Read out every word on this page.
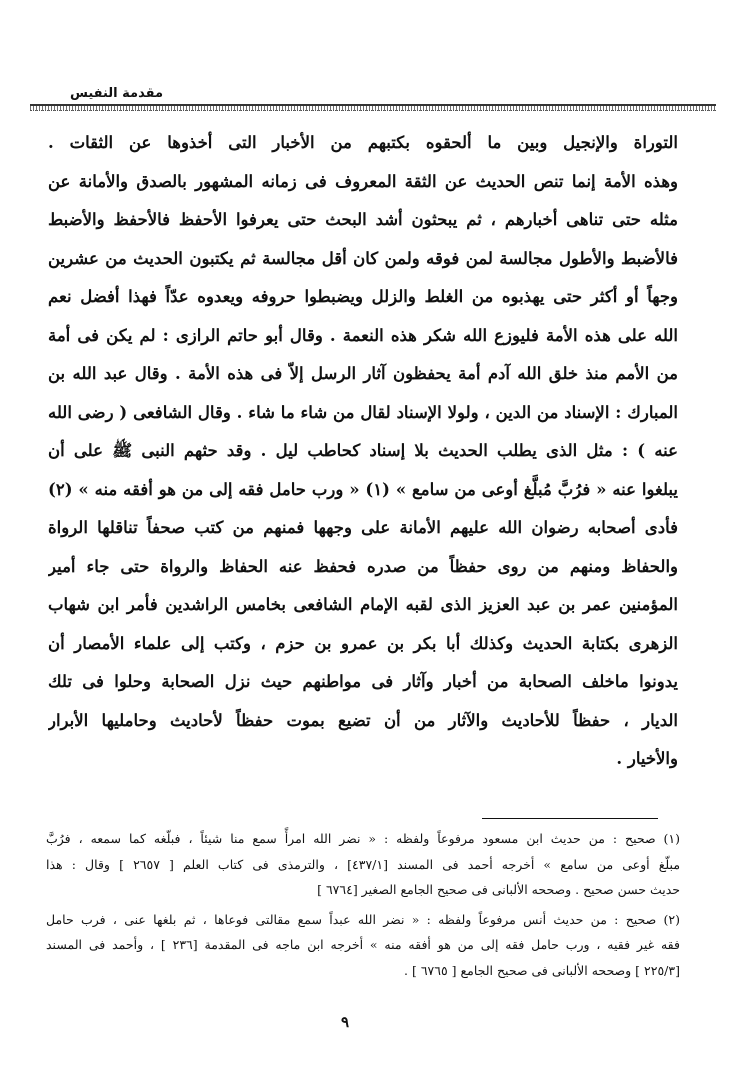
مقدمة النفيس
التوراة والإنجيل وبين ما ألحقوه بكتبهم من الأخبار التى أخذوها عن الثقات .
وهذه الأمة إنما تنص الحديث عن الثقة المعروف فى زمانه المشهور بالصدق والأمانة عن
مثله حتى تناهى أخبارهم ، ثم يبحثون أشد البحث حتى يعرفوا الأحفظ فالأحفظ والأضبط
فالأضبط والأطول مجالسة لمن فوقه ولمن كان أقل مجالسة ثم يكتبون الحديث من عشرين
وجهاً أو أكثر حتى يهذبوه من الغلط والزلل ويضبطوا حروفه ويعدوه عدّاً فهذا أفضل نعم
الله على هذه الأمة فليوزع الله شكر هذه النعمة . وقال أبو حاتم الرازى : لم يكن فى أمة
من الأمم منذ خلق الله آدم أمة يحفظون آثار الرسل إلاّ فى هذه الأمة . وقال عبد الله بن
المبارك : الإسناد من الدين ، ولولا الإسناد لقال من شاء ما شاء . وقال الشافعى ( رضى الله
عنه ) : مثل الذى يطلب الحديث بلا إسناد كحاطب ليل . وقد حثهم النبى ﷺ على أن
يبلغوا عنه « فرُبَّ مُبلَّغ أوعى من سامع » (١) « ورب حامل فقه إلى من هو أفقه منه » (٢)
فأدى أصحابه رضوان الله عليهم الأمانة على وجهها فمنهم من كتب صحفاً تناقلها الرواة
والحفاظ ومنهم من روى حفظاً من صدره فحفظ عنه الحفاظ والرواة حتى جاء أمير
المؤمنين عمر بن عبد العزيز الذى لقبه الإمام الشافعى بخامس الراشدين فأمر ابن شهاب
الزهرى بكتابة الحديث وكذلك أبا بكر بن عمرو بن حزم ، وكتب إلى علماء الأمصار أن
يدونوا ماخلف الصحابة من أخبار وآثار فى مواطنهم حيث نزل الصحابة وحلوا فى تلك
الديار ، حفظاً للأحاديث والآثار من أن تضيع بموت حفظاً لأحاديث وحامليها الأبرار
والأخيار .
(١) صحيح : من حديث ابن مسعود مرفوعاً ولفظه : « نضر الله امرأً سمع منا شيئاً ، فبلّغه كما سمعه ، فرُبَّ
مبلّغ أوعى من سامع » أخرجه أحمد فى المسند [٤٣٧/١] ، والترمذى فى كتاب العلم [ ٢٦٥٧ ] وقال : هذا
حديث حسن صحيح . وصححه الألبانى فى صحيح الجامع الصغير [٦٧٦٤ ]
(٢) صحيح : من حديث أنس مرفوعاً ولفظه : « نضر الله عبداً سمع مقالتى فوعاها ، ثم بلغها عنى ، فرب حامل
فقه غير فقيه ، ورب حامل فقه إلى من هو أفقه منه » أخرجه ابن ماجه فى المقدمة [٢٣٦ ] ، وأحمد فى المسند
[٢٢٥/٣ ] وصححه الألبانى فى صحيح الجامع [ ٦٧٦٥ ] .
٩
